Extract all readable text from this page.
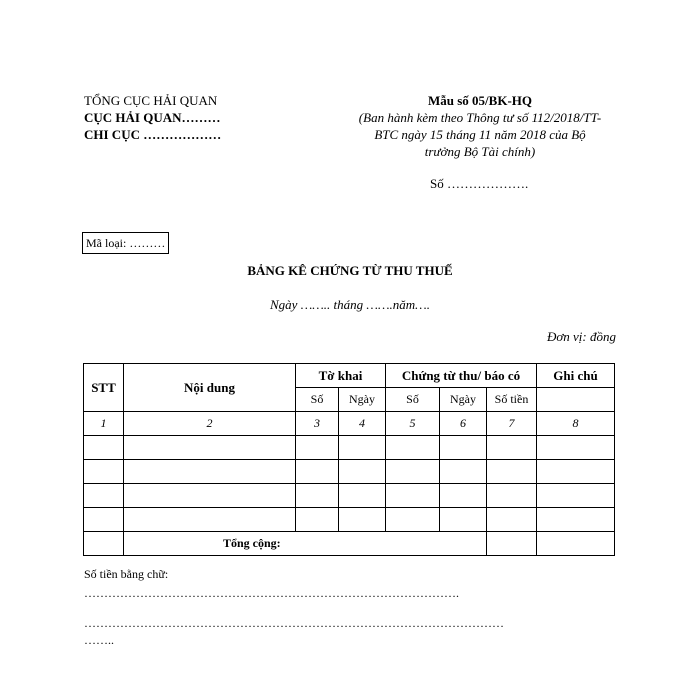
TỔNG CỤC HẢI QUAN
CỤC HẢI QUAN………
CHI CỤC ………………
Mẫu số 05/BK-HQ
(Ban hành kèm theo Thông tư số 112/2018/TT-
BTC ngày 15 tháng 11 năm 2018 của Bộ
trưởng Bộ Tài chính)
Số ……………….
Mã loại: ………
BẢNG KÊ CHỨNG TỪ THU THUẾ
Ngày …….. tháng …….năm….
Đơn vị: đồng
STT	Nội dung	Tờ khai		Chứng từ thu/ báo có			Ghi chú
		Số	Ngày	Số	Ngày	Số tiền	
1	2	3	4	5	6	7	8

	Tổng cộng:						
Số tiền bằng chữ:
………………………………………………………………………………….
……………………………………………………………………………………………
……..
